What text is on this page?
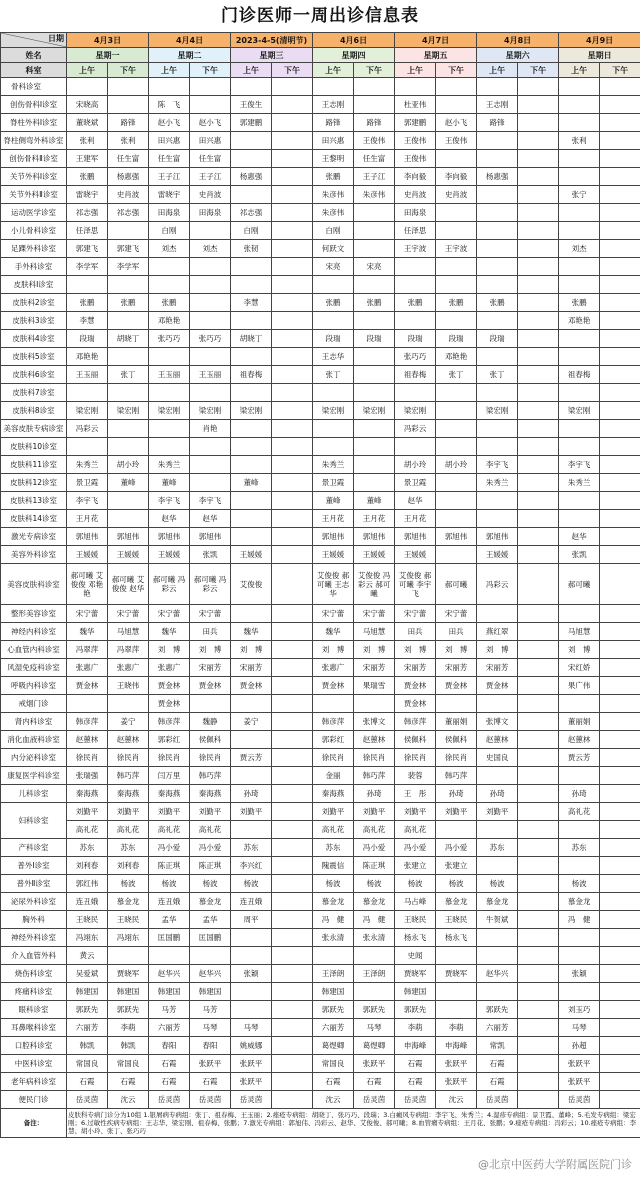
门诊医师一周出诊信息表
日期	4月3日		4月4日		2023-4-5(清明节)		4月6日		4月7日		4月8日		4月9日	
姓名	星期一		星期二		星期三		星期四		星期五		星期六		星期日	
科室	上午	下午	上午	下午	上午	下午	上午	下午	上午	下午	上午	下午	上午	下午
骨科诊室														
创伤骨科Ⅰ诊室	宋晓高		陈　飞		王俊生		王志刚		杜亚伟		王志刚			
脊柱外科Ⅰ诊室	董晓斌	路锋	赵小飞	赵小飞	郭建鹏		路锋	路锋	郭建鹏	赵小飞	路锋			
脊柱侧弯外科诊室	张利	张利	田兴惠	田兴惠			田兴惠	王俊伟	王俊伟	王俊伟			张利	
创伤骨科Ⅱ诊室	王建军	任生富	任生富	任生富			王黎明	任生富	王俊伟					
关节外科Ⅰ诊室	张鹏	杨惠强	王子江	王子江	杨惠强		张鹏	王子江	李向毅	李向毅	杨惠强			
关节外科Ⅱ诊室	雷晓宇	史肖波	雷晓宇	史肖波			朱彦伟	朱彦伟	史肖波	史肖波			张宁	
运动医学诊室	祁志强	祁志强	田海泉	田海泉	祁志强		朱彦伟		田海泉					
小儿骨科诊室	任泽思		白刚		白刚		白刚		任泽思					
足踝外科诊室	郭建飞	郭建飞	刘杰	刘杰	张韧		何跃文		王宇波	王宇波			刘杰	
手外科诊室	李学军	李学军					宋亮	宋亮						
皮肤科Ⅰ诊室														
皮肤科2诊室	张鹏	张鹏	张鹏		李慧		张鹏	张鹏	张鹏	张鹏	张鹏		张鹏	
皮肤科3诊室	李慧		邓艳艳										邓艳艳	
皮肤科4诊室	段瑞	胡晓丁	张巧巧	张巧巧	胡晓丁		段瑞	段瑞	段瑞	段瑞	段瑞			
皮肤科5诊室	邓艳艳						王志华		张巧巧	邓艳艳				
皮肤科6诊室	王玉丽	张丁	王玉丽	王玉丽	祖春梅		张丁		祖春梅	张丁	张丁		祖春梅	
皮肤科7诊室														
皮肤科8诊室	梁宏刚	梁宏刚	梁宏刚	梁宏刚	梁宏刚		梁宏刚	梁宏刚	梁宏刚		梁宏刚		梁宏刚	
美容皮肤专病诊室	冯彩云			肖艳					冯彩云					
皮肤科10诊室														
皮肤科11诊室	朱秀兰	胡小玲	朱秀兰				朱秀兰		胡小玲	胡小玲	李宇飞		李宇飞	
皮肤科12诊室	景卫霞	董峰	董峰		董峰		景卫霞		景卫霞		朱秀兰		朱秀兰	
皮肤科13诊室	李宇飞		李宇飞	李宇飞			董峰	董峰	赵华					
皮肤科14诊室	王月花		赵华	赵华			王月花	王月花	王月花					
激光专病诊室	郭旭伟	郭旭伟	郭旭伟	郭旭伟			郭旭伟	郭旭伟	郭旭伟	郭旭伟	郭旭伟		赵华	
美容外科诊室	王媛媛	王媛媛	王媛媛	张凯	王媛媛		王媛媛	王媛媛	王媛媛		王媛媛		张凯	
美容皮肤科诊室	郝可曦 艾俊俊 邓艳艳	郝可曦 艾俊俊 赵华	郝可曦 冯彩云	郝可曦 冯彩云	艾俊俊		艾俊俊 郝可曦 王志华	艾俊俊 冯彩云 郝可曦	艾俊俊 郝可曦 李宇飞	郝可曦	冯彩云		郝可曦	
整形美容诊室	宋宁蕾	宋宁蕾	宋宁蕾	宋宁蕾			宋宁蕾	宋宁蕾	宋宁蕾	宋宁蕾				
神经内科诊室	魏华	马旭慧	魏华	田兵	魏华		魏华	马旭慧	田兵	田兵	燕红翠		马旭慧	
心血管内科诊室	冯翠萍	冯翠萍	刘　博	刘　博	刘　博		刘　博	刘　博	刘　博	刘　博	刘　博		刘　博	
风湿免疫科诊室	张惠广	张惠广	张惠广	宋丽芳	宋丽芳		张惠广	宋丽芳	宋丽芳	宋丽芳	宋丽芳		宋红娇	
呼吸内科诊室	贾金林	王晓伟	贾金林	贾金林	贾金林		贾金林	果瑞雪	贾金林	贾金林	贾金林		果广伟	
戒烟门诊			贾金林						贾金林					
肾内科诊室	韩彦萍	姜宁	韩彦萍	魏静	姜宁		韩彦萍	张博文	韩彦萍	董丽娟	张博文		董丽娟	
消化血液科诊室	赵蕙林	赵蕙林	郭彩红	侯佩科			郭彩红	赵蕙林	侯佩科	侯佩科	赵蕙林		赵蕙林	
内分泌科诊室	徐民肖	徐民肖	徐民肖	徐民肖	贾云芳		徐民肖	徐民肖	徐民肖	徐民肖	史国良		贾云芳	
康复医学科诊室	张瑞强	韩巧萍	闫万里	韩巧萍			金丽	韩巧萍	裴蓉	韩巧萍				
儿科诊室	秦海燕	秦海燕	秦海燕	秦海燕	孙琦		秦海燕	孙琦	王　彤	孙琦	孙琦		孙琦	
妇科诊室	刘勤平	刘勤平	刘勤平	刘勤平	刘勤平		刘勤平	刘勤平	刘勤平	刘勤平	刘勤平		高礼花	
	高礼花	高礼花	高礼花	高礼花			高礼花	高礼花	高礼花					
产科诊室	苏东	苏东	冯小爱	冯小爱	苏东		苏东	冯小爱	冯小爱	冯小爱	苏东		苏东	
普外Ⅰ诊室	刘利春	刘利春	陈正琪	陈正琪	李兴红		隗震信	陈正琪	张建立	张建立				
普外Ⅱ诊室	郭红伟	杨波	杨波	杨波	杨波		杨波	杨波	杨波	杨波	杨波		杨波	
泌尿外科诊室	连丑娥	慕金龙	连丑娥	慕金龙	连丑娥		慕金龙	慕金龙	马占峰	慕金龙	慕金龙		慕金龙	
胸外科	王晓民	王晓民	孟华	孟华	周平		冯　健	冯　健	王晓民	王晓民	牛贺斌		冯　健	
神经外科诊室	冯翊东	冯翊东	匡国鹏	匡国鹏			张永清	张永清	杨永飞	杨永飞				
介入血管外科	黄云								史闻					
烧伤科诊室	吴爱斌	贾晓军	赵华兴	赵华兴	张颖		王泽朗	王泽朗	贾晓军	贾晓军	赵华兴		张颖	
疼痛科诊室	韩建国	韩建国	韩建国	韩建国			韩建国		韩建国					
眼科诊室	郭跃先	郭跃先	马芳	马芳			郭跃先	郭跃先	郭跃先		郭跃先		刘玉巧	
耳鼻喉科诊室	六丽芳	李萌	六丽芳	马琴	马琴		六丽芳	马琴	李萌	李萌	六丽芳		马琴	
口腔科诊室	韩凯	韩凯	春阳	春阳	姚威娜		葛煜卿	葛煜卿	申海峰	申海峰	常凯		孙超	
中医科诊室	常国良	常国良	石霞	张跃平	张跃平		常国良	张跃平	石霞	张跃平	石霞		张跃平	
老年病科诊室	石霞	石霞	石霞	石霞	张跃平		石霞	石霞	石霞	张跃平	石霞		张跃平	
便民门诊	岳灵茵	沈云	岳灵茵	岳灵茵	岳灵茵		沈云	岳灵茵	岳灵茵	沈云	岳灵茵		岳灵茵	
备注：	皮肤科专病门诊分为10组 1.银屑病专病组：张丁、祖春梅、王玉丽；2.痤疮专病组：胡晓丁、张巧巧、段瑞；3.白癜风专病组：李宇飞、朱秀兰；4.湿疹专病组：景卫霞、董峰；5.毛发专病组：梁宏刚；6.过敏性疾病专病组：王志华、梁宏刚、祖春梅、张鹏；7.激光专病组：郭旭伟、冯彩云、赵华、艾俊俊、郝可曦；8.血管瘤专病组：王月花、张鹏；9.痤疮专病组：冯彩云；10.痤疮专病组：李慧、胡小玲、张丁、张巧巧													
@北京中医药大学附属医院门诊
